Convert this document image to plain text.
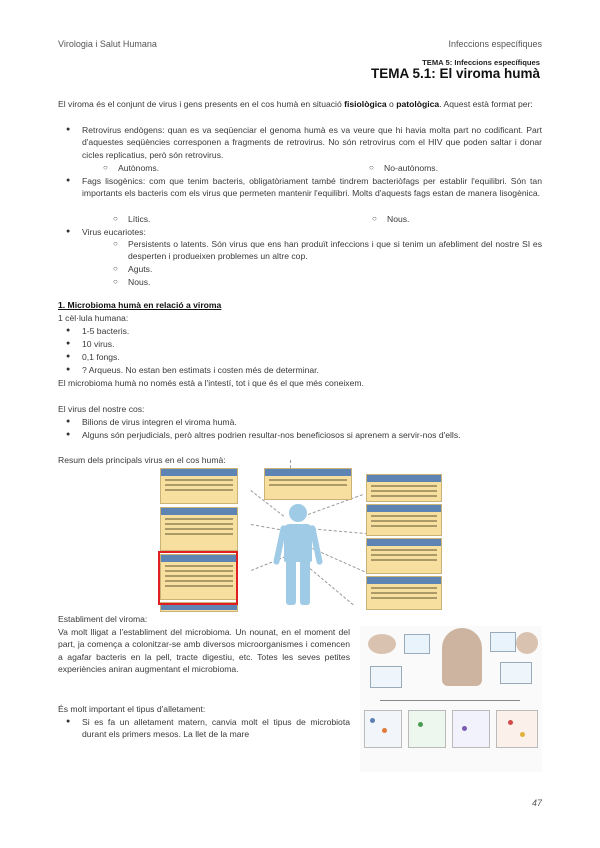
Virologia i Salut Humana	Infeccions específiques
TEMA 5: Infeccions específiques
TEMA 5.1: El viroma humà
El viroma és el conjunt de virus i gens presents en el cos humà en situació fisiològica o patològica. Aquest està format per:
● Retrovirus endògens: quan es va seqüenciar el genoma humà es va veure que hi havia molta part no codificant. Part d'aquestes seqüències corresponen a fragments de retrovirus. No són retrovirus com el HIV que poden saltar i donar cicles replicatius, però són retrovirus.
○ Autònoms.	○ No-autònoms.
● Fags lisogènics: com que tenim bacteris, obligatòriament també tindrem bacteriòfags per establir l'equilibri. Són tan importants els bacteris com els virus que permeten mantenir l'equilibri. Molts d'aquests fags estan de manera lisogènica.
○ Lítics.	○ Nous.
● Virus eucariotes:
○ Persistents o latents. Són virus que ens han produït infeccions i que si tenim un afebliment del nostre SI es desperten i produeixen problemes un altre cop.
○ Aguts.
○ Nous.
1. Microbioma humà en relació a viroma
1 cèl·lula humana:
● 1-5 bacteris.
● 10 virus.
● 0,1 fongs.
● ? Arqueus. No estan ben estimats i costen més de determinar.
El microbioma humà no només està a l'intestí, tot i que és el que més coneixem.
El virus del nostre cos:
● Bilions de virus integren el viroma humà.
● Alguns són perjudicials, però altres podrien resultar-nos beneficiosos si aprenem a servir-nos d'ells.
Resum dels principals virus en el cos humà:
Establiment del viroma:
Va molt lligat a l'establiment del microbioma. Un nounat, en el moment del part, ja comença a colonitzar-se amb diversos microorganismes i comencen a agafar bacteris en la pell, tracte digestiu, etc. Totes les seves petites experiències aniran augmentant el microbioma.
És molt important el tipus d'alletament:
● Si es fa un alletament matern, canvia molt el tipus de microbiota durant els primers mesos. La llet de la mare
47
